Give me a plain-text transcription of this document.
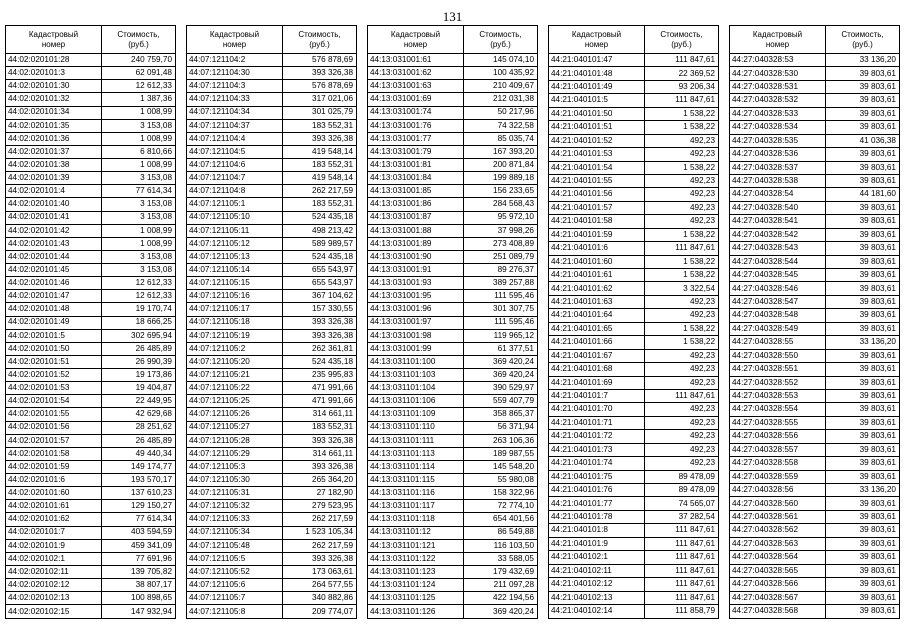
131
Кадастровый
номер	Стоимость,
(руб.)

44:02:020101:28	240 759,70
44:02:020101:3	62 091,48
44:02:020101:30	12 612,33
44:02:020101:32	1 387,36
44:02:020101:34	1 008,99
44:02:020101:35	3 153,08
44:02:020101:36	1 008,99
44:02:020101:37	6 810,66
44:02:020101:38	1 008,99
44:02:020101:39	3 153,08
44:02:020101:4	77 614,34
44:02:020101:40	3 153,08
44:02:020101:41	3 153,08
44:02:020101:42	1 008,99
44:02:020101:43	1 008,99
44:02:020101:44	3 153,08
44:02:020101:45	3 153,08
44:02:020101:46	12 612,33
44:02:020101:47	12 612,33
44:02:020101:48	19 170,74
44:02:020101:49	18 666,25
44:02:020101:5	302 695,94
44:02:020101:50	26 485,89
44:02:020101:51	26 990,39
44:02:020101:52	19 173,86
44:02:020101:53	19 404,87
44:02:020101:54	22 449,95
44:02:020101:55	42 629,68
44:02:020101:56	28 251,62
44:02:020101:57	26 485,89
44:02:020101:58	49 440,34
44:02:020101:59	149 174,77
44:02:020101:6	193 570,17
44:02:020101:60	137 610,23
44:02:020101:61	129 150,27
44:02:020101:62	77 614,34
44:02:020101:7	403 594,59
44:02:020101:9	459 341,09
44:02:020102:1	77 691,96
44:02:020102:11	139 705,82
44:02:020102:12	38 807,17
44:02:020102:13	100 898,65
44:02:020102:15	147 932,94
Кадастровый
номер	Стоимость,
(руб.)

44:07:121104:2	576 878,69
44:07:121104:30	393 326,38
44:07:121104:3	576 878,69
44:07:121104:33	317 021,06
44:07:121104:34	301 025,79
44:07:121104:37	183 552,31
44:07:121104:4	393 326,38
44:07:121104:5	419 548,14
44:07:121104:6	183 552,31
44:07:121104:7	419 548,14
44:07:121104:8	262 217,59
44:07:121105:1	183 552,31
44:07:121105:10	524 435,18
44:07:121105:11	498 213,42
44:07:121105:12	589 989,57
44:07:121105:13	524 435,18
44:07:121105:14	655 543,97
44:07:121105:15	655 543,97
44:07:121105:16	367 104,62
44:07:121105:17	157 330,55
44:07:121105:18	393 326,38
44:07:121105:19	393 326,38
44:07:121105:2	262 361,81
44:07:121105:20	524 435,18
44:07:121105:21	235 995,83
44:07:121105:22	471 991,66
44:07:121105:25	471 991,66
44:07:121105:26	314 661,11
44:07:121105:27	183 552,31
44:07:121105:28	393 326,38
44:07:121105:29	314 661,11
44:07:121105:3	393 326,38
44:07:121105:30	265 364,20
44:07:121105:31	27 182,90
44:07:121105:32	279 523,95
44:07:121105:33	262 217,59
44:07:121105:34	1 523 105,34
44:07:121105:48	262 217,59
44:07:121105:5	393 326,38
44:07:121105:52	173 063,61
44:07:121105:6	264 577,55
44:07:121105:7	340 882,86
44:07:121105:8	209 774,07
Кадастровый
номер	Стоимость,
(руб.)

44:13:031001:61	145 074,10
44:13:031001:62	100 435,92
44:13:031001:63	210 409,67
44:13:031001:69	212 031,38
44:13:031001:74	50 217,96
44:13:031001:76	74 322,58
44:13:031001:77	85 035,74
44:13:031001:79	167 393,20
44:13:031001:81	200 871,84
44:13:031001:84	199 889,18
44:13:031001:85	156 233,65
44:13:031001:86	284 568,43
44:13:031001:87	95 972,10
44:13:031001:88	37 998,26
44:13:031001:89	273 408,89
44:13:031001:90	251 089,79
44:13:031001:91	89 276,37
44:13:031001:93	389 257,88
44:13:031001:95	111 595,46
44:13:031001:96	301 307,75
44:13:031001:97	111 595,46
44:13:031001:98	119 965,12
44:13:031001:99	61 377,51
44:13:031101:100	369 420,24
44:13:031101:103	369 420,24
44:13:031101:104	390 529,97
44:13:031101:106	559 407,79
44:13:031101:109	358 865,37
44:13:031101:110	56 371,94
44:13:031101:111	263 106,36
44:13:031101:113	189 987,55
44:13:031101:114	145 548,20
44:13:031101:115	55 980,08
44:13:031101:116	158 322,96
44:13:031101:117	72 774,10
44:13:031101:118	654 401,56
44:13:031101:12	86 549,88
44:13:031101:121	116 103,50
44:13:031101:122	33 588,05
44:13:031101:123	179 432,69
44:13:031101:124	211 097,28
44:13:031101:125	422 194,56
44:13:031101:126	369 420,24
Кадастровый
номер	Стоимость,
(руб.)

44:21:040101:47	111 847,61
44:21:040101:48	22 369,52
44:21:040101:49	93 206,34
44:21:040101:5	111 847,61
44:21:040101:50	1 538,22
44:21:040101:51	1 538,22
44:21:040101:52	492,23
44:21:040101:53	492,23
44:21:040101:54	1 538,22
44:21:040101:55	492,23
44:21:040101:56	492,23
44:21:040101:57	492,23
44:21:040101:58	492,23
44:21:040101:59	1 538,22
44:21:040101:6	111 847,61
44:21:040101:60	1 538,22
44:21:040101:61	1 538,22
44:21:040101:62	3 322,54
44:21:040101:63	492,23
44:21:040101:64	492,23
44:21:040101:65	1 538,22
44:21:040101:66	1 538,22
44:21:040101:67	492,23
44:21:040101:68	492,23
44:21:040101:69	492,23
44:21:040101:7	111 847,61
44:21:040101:70	492,23
44:21:040101:71	492,23
44:21:040101:72	492,23
44:21:040101:73	492,23
44:21:040101:74	492,23
44:21:040101:75	89 478,09
44:21:040101:76	89 478,09
44:21:040101:77	74 565,07
44:21:040101:78	37 282,54
44:21:040101:8	111 847,61
44:21:040101:9	111 847,61
44:21:040102:1	111 847,61
44:21:040102:11	111 847,61
44:21:040102:12	111 847,61
44:21:040102:13	111 847,61
44:21:040102:14	111 858,79
Кадастровый
номер	Стоимость,
(руб.)

44:27:040328:53	33 136,20
44:27:040328:530	39 803,61
44:27:040328:531	39 803,61
44:27:040328:532	39 803,61
44:27:040328:533	39 803,61
44:27:040328:534	39 803,61
44:27:040328:535	41 036,38
44:27:040328:536	39 803,61
44:27:040328:537	39 803,61
44:27:040328:538	39 803,61
44:27:040328:54	44 181,60
44:27:040328:540	39 803,61
44:27:040328:541	39 803,61
44:27:040328:542	39 803,61
44:27:040328:543	39 803,61
44:27:040328:544	39 803,61
44:27:040328:545	39 803,61
44:27:040328:546	39 803,61
44:27:040328:547	39 803,61
44:27:040328:548	39 803,61
44:27:040328:549	39 803,61
44:27:040328:55	33 136,20
44:27:040328:550	39 803,61
44:27:040328:551	39 803,61
44:27:040328:552	39 803,61
44:27:040328:553	39 803,61
44:27:040328:554	39 803,61
44:27:040328:555	39 803,61
44:27:040328:556	39 803,61
44:27:040328:557	39 803,61
44:27:040328:558	39 803,61
44:27:040328:559	39 803,61
44:27:040328:56	33 136,20
44:27:040328:560	39 803,61
44:27:040328:561	39 803,61
44:27:040328:562	39 803,61
44:27:040328:563	39 803,61
44:27:040328:564	39 803,61
44:27:040328:565	39 803,61
44:27:040328:566	39 803,61
44:27:040328:567	39 803,61
44:27:040328:568	39 803,61
